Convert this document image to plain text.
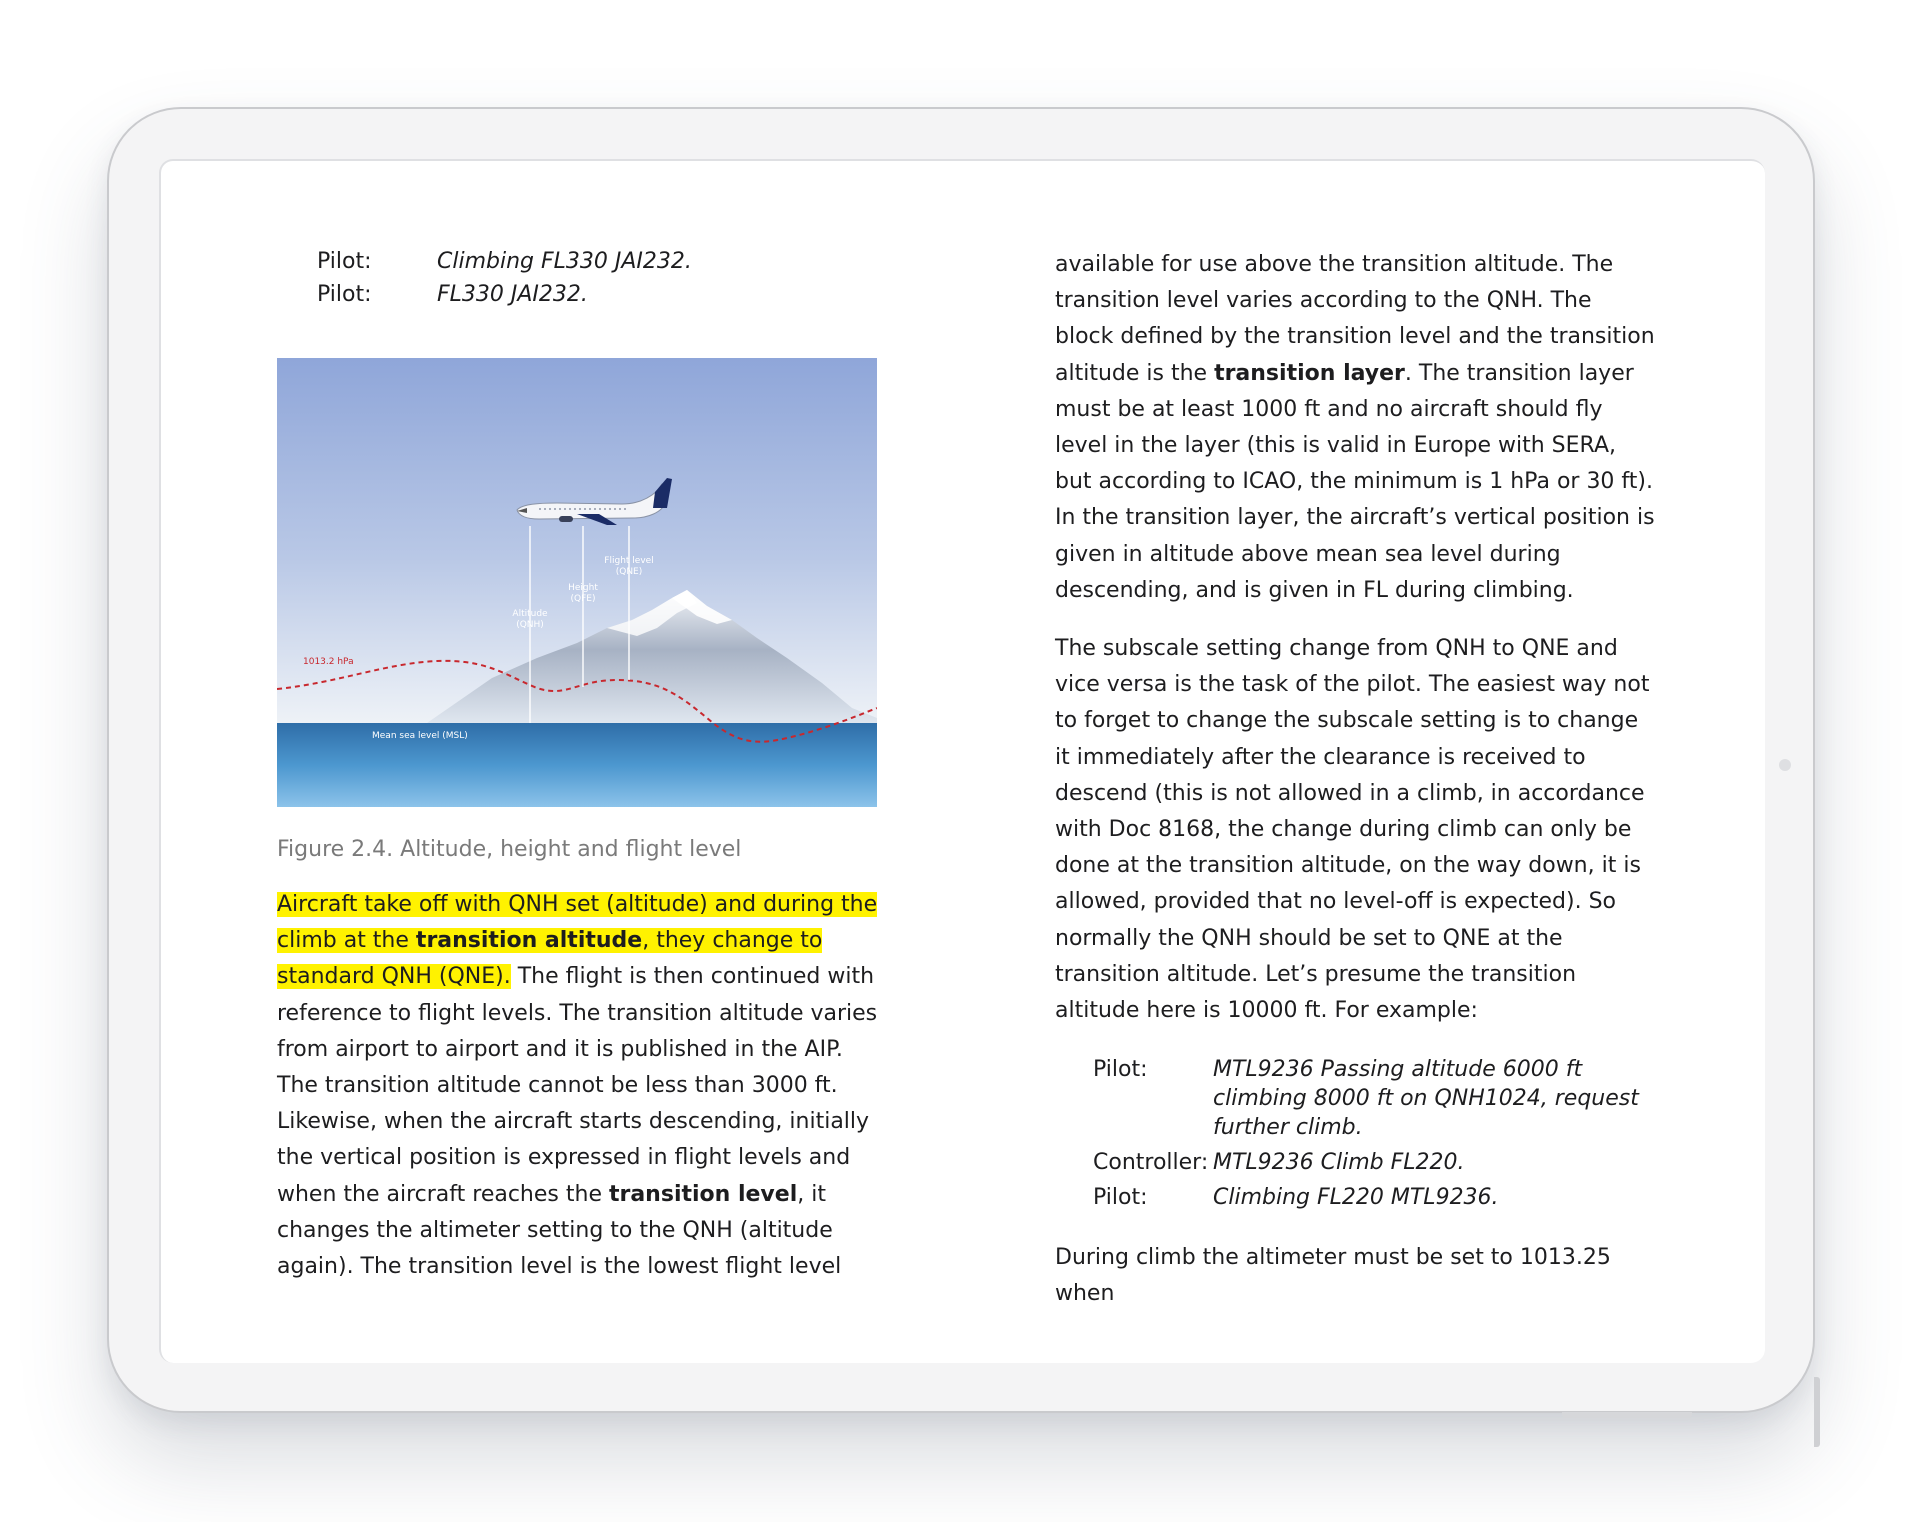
Pilot:	Climbing FL330 JAI232.
Pilot:	FL330 JAI232.
Flight level
(QNE)
Height
(QFE)
Altitude
(QNH)
1013.2 hPa
Mean sea level (MSL)
Figure 2.4. Altitude, height and flight level

Aircraft take off with QNH set (altitude) and during the climb at the transition altitude, they change to standard QNH (QNE). The flight is then continued with reference to flight levels. The transition altitude varies from airport to airport and it is published in the AIP. The transition altitude cannot be less than 3000 ft. Likewise, when the aircraft starts descending, initially the vertical position is expressed in flight levels and when the aircraft reaches the transition level, it changes the altimeter setting to the QNH (altitude again). The transition level is the lowest flight level

available for use above the transition altitude. The transition level varies according to the QNH. The block defined by the transition level and the transition altitude is the transition layer. The transition layer must be at least 1000 ft and no aircraft should fly level in the layer (this is valid in Europe with SERA, but according to ICAO, the minimum is 1 hPa or 30 ft). In the transition layer, the aircraft’s vertical position is given in altitude above mean sea level during descending, and is given in FL during climbing.

The subscale setting change from QNH to QNE and vice versa is the task of the pilot. The easiest way not to forget to change the subscale setting is to change it immediately after the clearance is received to descend (this is not allowed in a climb, in accordance with Doc 8168, the change during climb can only be done at the transition altitude, on the way down, it is allowed, provided that no level-off is expected). So normally the QNH should be set to QNE at the transition altitude. Let’s presume the transition altitude here is 10000 ft. For example:

Pilot:	MTL9236 Passing altitude 6000 ft climbing 8000 ft on QNH1024, request further climb.
Controller: MTL9236 Climb FL220.
Pilot:	Climbing FL220 MTL9236.

During climb the altimeter must be set to 1013.25 when
